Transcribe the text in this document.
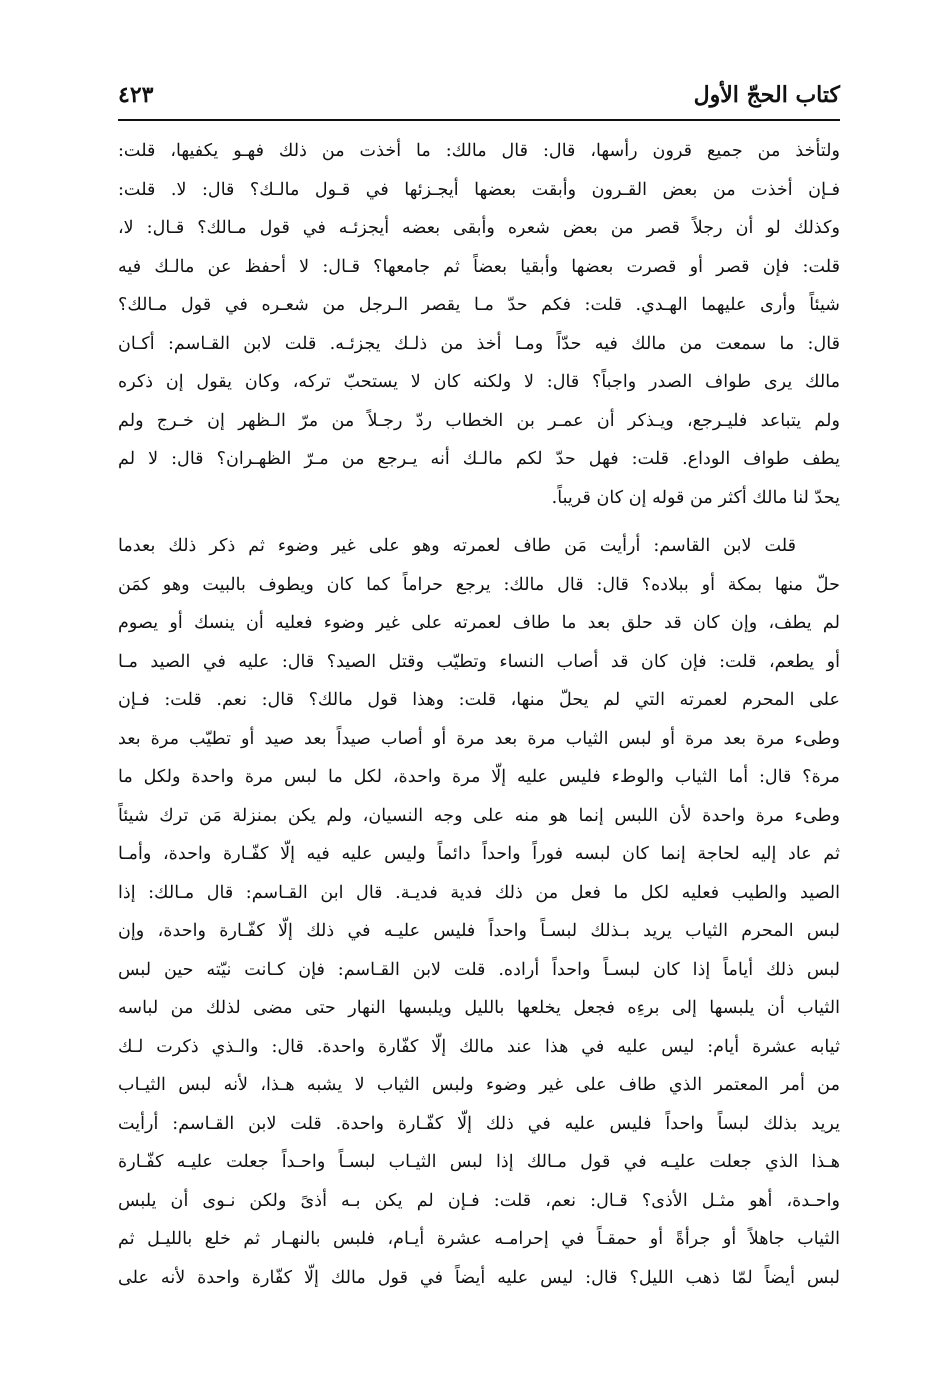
كتاب الحجّ الأول
٤٢٣
ولتأخذ من جميع قرون رأسها، قال: قال مالك: ما أخذت من ذلك فهـو يكفيها، قلت:
فـإن أخذت من بعض القـرون وأبقت بعضها أيجـزئها في قـول مالـك؟ قال: لا. قلت:
وكذلك لو أن رجلاً قصر من بعض شعره وأبقى بعضه أيجزئـه في قول مـالك؟ قـال: لا،
قلت: فإن قصر أو قصرت بعضها وأبقيا بعضاً ثم جامعها؟ قـال: لا أحفظ عن مالـك فيه
شيئاً وأرى عليهما الهـدي. قلت: فكم حدّ مـا يقصر الـرجل من شعـره في قول مـالك؟
قال: ما سمعت من مالك فيه حدّاً ومـا أخذ من ذلـك يجزئـه. قلت لابن القـاسم: أكـان
مالك يرى طواف الصدر واجباً؟ قال: لا ولكنه كان لا يستحبّ تركه، وكان يقول إن ذكره
ولم يتباعد فليـرجع، ويـذكر أن عمـر بن الخطاب ردّ رجـلاً من مرّ الـظهر إن خـرج ولم
يطف طواف الوداع. قلت: فهل حدّ لكم مالـك أنه يـرجع من مـرّ الظهـران؟ قال: لا لم
يحدّ لنا مالك أكثر من قوله إن كان قريباً.
قلت لابن القاسم: أرأيت مَن طاف لعمرته وهو على غير وضوء ثم ذكر ذلك بعدما
حلّ منها بمكة أو ببلاده؟ قال: قال مالك: يرجع حراماً كما كان ويطوف بالبيت وهو كمَن
لم يطف، وإن كان قد حلق بعد ما طاف لعمرته على غير وضوء فعليه أن ينسك أو يصوم
أو يطعم، قلت: فإن كان قد أصاب النساء وتطيّب وقتل الصيد؟ قال: عليه في الصيد مـا
على المحرم لعمرته التي لم يحلّ منها، قلت: وهذا قول مالك؟ قال: نعم. قلت: فـإن
وطىء مرة بعد مرة أو لبس الثياب مرة بعد مرة أو أصاب صيداً بعد صيد أو تطيّب مرة بعد
مرة؟ قال: أما الثياب والوطء فليس عليه إلّا مرة واحدة، لكل ما لبس مرة واحدة ولكل ما
وطىء مرة واحدة لأن اللبس إنما هو منه على وجه النسيان، ولم يكن بمنزلة مَن ترك شيئاً
ثم عاد إليه لحاجة إنما كان لبسه فوراً واحداً دائماً وليس عليه فيه إلّا كفّـارة واحدة، وأمـا
الصيد والطيب فعليه لكل ما فعل من ذلك فدية فديـة. قال ابن القـاسم: قال مـالك: إذا
لبس المحرم الثياب يريد بـذلك لبسـاً واحداً فليس عليـه في ذلك إلّا كفّـارة واحدة، وإن
لبس ذلك أياماً إذا كان لبسـاً واحداً أراده. قلت لابن القـاسم: فإن كـانت نيّته حين لبس
الثياب أن يلبسها إلى برءِه فجعل يخلعها بالليل ويلبسها النهار حتى مضى لذلك من لباسه
ثيابه عشرة أيام: ليس عليه في هذا عند مالك إلّا كفّارة واحدة. قال: والـذي ذكرت لـك
من أمر المعتمر الذي طاف على غير وضوء ولبس الثياب لا يشبه هـذا، لأنه لبس الثيـاب
يريد بذلك لبساً واحداً فليس عليه في ذلك إلّا كفّـارة واحدة. قلت لابن القـاسم: أرأيت
هـذا الذي جعلت عليـه في قول مـالك إذا لبس الثيـاب لبسـاً واحـداً جعلت عليـه كفّـارة
واحـدة، أهو مثـل الأذى؟ قـال: نعم، قلت: فـإن لم يكن بـه أذىً ولكن نـوى أن يلبس
الثياب جاهلاً أو جرأةً أو حمقـاً في إحرامـه عشرة أيـام، فلبس بالنهـار ثم خلع بالليـل ثم
لبس أيضاً لمّا ذهب الليل؟ قال: ليس عليه أيضاً في قول مالك إلّا كفّارة واحدة لأنه على
